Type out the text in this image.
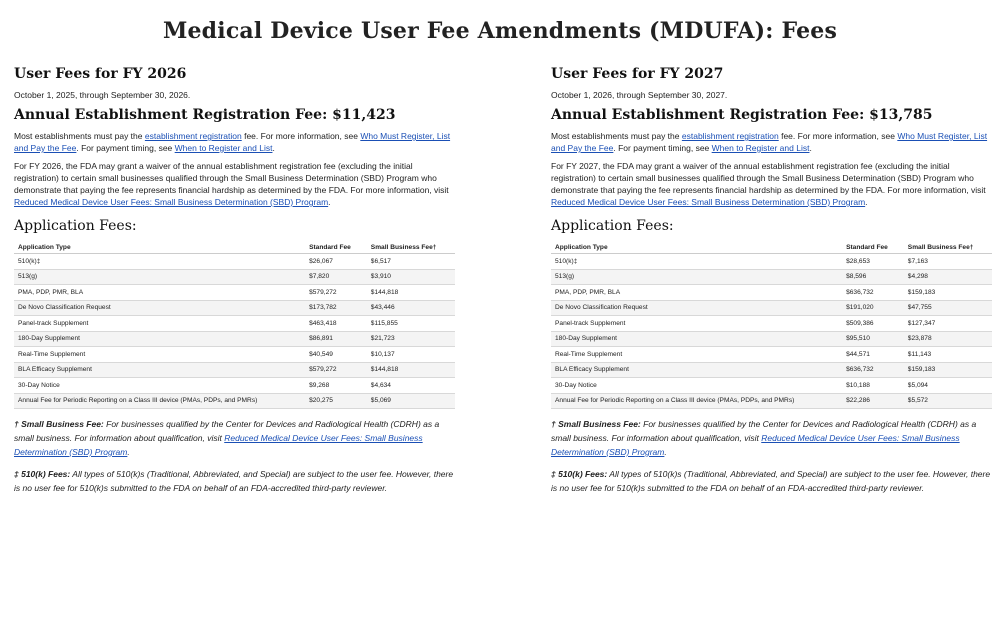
Medical Device User Fee Amendments (MDUFA): Fees
User Fees for FY 2026
October 1, 2025, through September 30, 2026.
Annual Establishment Registration Fee: $11,423

Most establishments must pay the establishment registration fee. For more information, see Who Must Register, List and Pay the Fee. For payment timing, see When to Register and List.

For FY 2026, the FDA may grant a waiver of the annual establishment registration fee (excluding the initial registration) to certain small businesses qualified through the Small Business Determination (SBD) Program who demonstrate that paying the fee represents financial hardship as determined by the FDA. For more information, visit Reduced Medical Device User Fees: Small Business Determination (SBD) Program.

Application Fees:
Application Type	Standard Fee	Small Business Fee†
510(k)‡	$26,067	$6,517
513(g)	$7,820	$3,910
PMA, PDP, PMR, BLA	$579,272	$144,818
De Novo Classification Request	$173,782	$43,446
Panel-track Supplement	$463,418	$115,855
180-Day Supplement	$86,891	$21,723
Real-Time Supplement	$40,549	$10,137
BLA Efficacy Supplement	$579,272	$144,818
30-Day Notice	$9,268	$4,634
Annual Fee for Periodic Reporting on a Class III device (PMAs, PDPs, and PMRs)	$20,275	$5,069

† Small Business Fee: For businesses qualified by the Center for Devices and Radiological Health (CDRH) as a small business. For information about qualification, visit Reduced Medical Device User Fees: Small Business Determination (SBD) Program.

‡ 510(k) Fees: All types of 510(k)s (Traditional, Abbreviated, and Special) are subject to the user fee. However, there is no user fee for 510(k)s submitted to the FDA on behalf of an FDA-accredited third-party reviewer.

User Fees for FY 2027
October 1, 2026, through September 30, 2027.
Annual Establishment Registration Fee: $13,785

Most establishments must pay the establishment registration fee. For more information, see Who Must Register, List and Pay the Fee. For payment timing, see When to Register and List.

For FY 2027, the FDA may grant a waiver of the annual establishment registration fee (excluding the initial registration) to certain small businesses qualified through the Small Business Determination (SBD) Program who demonstrate that paying the fee represents financial hardship as determined by the FDA. For more information, visit Reduced Medical Device User Fees: Small Business Determination (SBD) Program.

Application Fees:
Application Type	Standard Fee	Small Business Fee†
510(k)‡	$28,653	$7,163
513(g)	$8,596	$4,298
PMA, PDP, PMR, BLA	$636,732	$159,183
De Novo Classification Request	$191,020	$47,755
Panel-track Supplement	$509,386	$127,347
180-Day Supplement	$95,510	$23,878
Real-Time Supplement	$44,571	$11,143
BLA Efficacy Supplement	$636,732	$159,183
30-Day Notice	$10,188	$5,094
Annual Fee for Periodic Reporting on a Class III device (PMAs, PDPs, and PMRs)	$22,286	$5,572

† Small Business Fee: For businesses qualified by the Center for Devices and Radiological Health (CDRH) as a small business. For information about qualification, visit Reduced Medical Device User Fees: Small Business Determination (SBD) Program.

‡ 510(k) Fees: All types of 510(k)s (Traditional, Abbreviated, and Special) are subject to the user fee. However, there is no user fee for 510(k)s submitted to the FDA on behalf of an FDA-accredited third-party reviewer.
